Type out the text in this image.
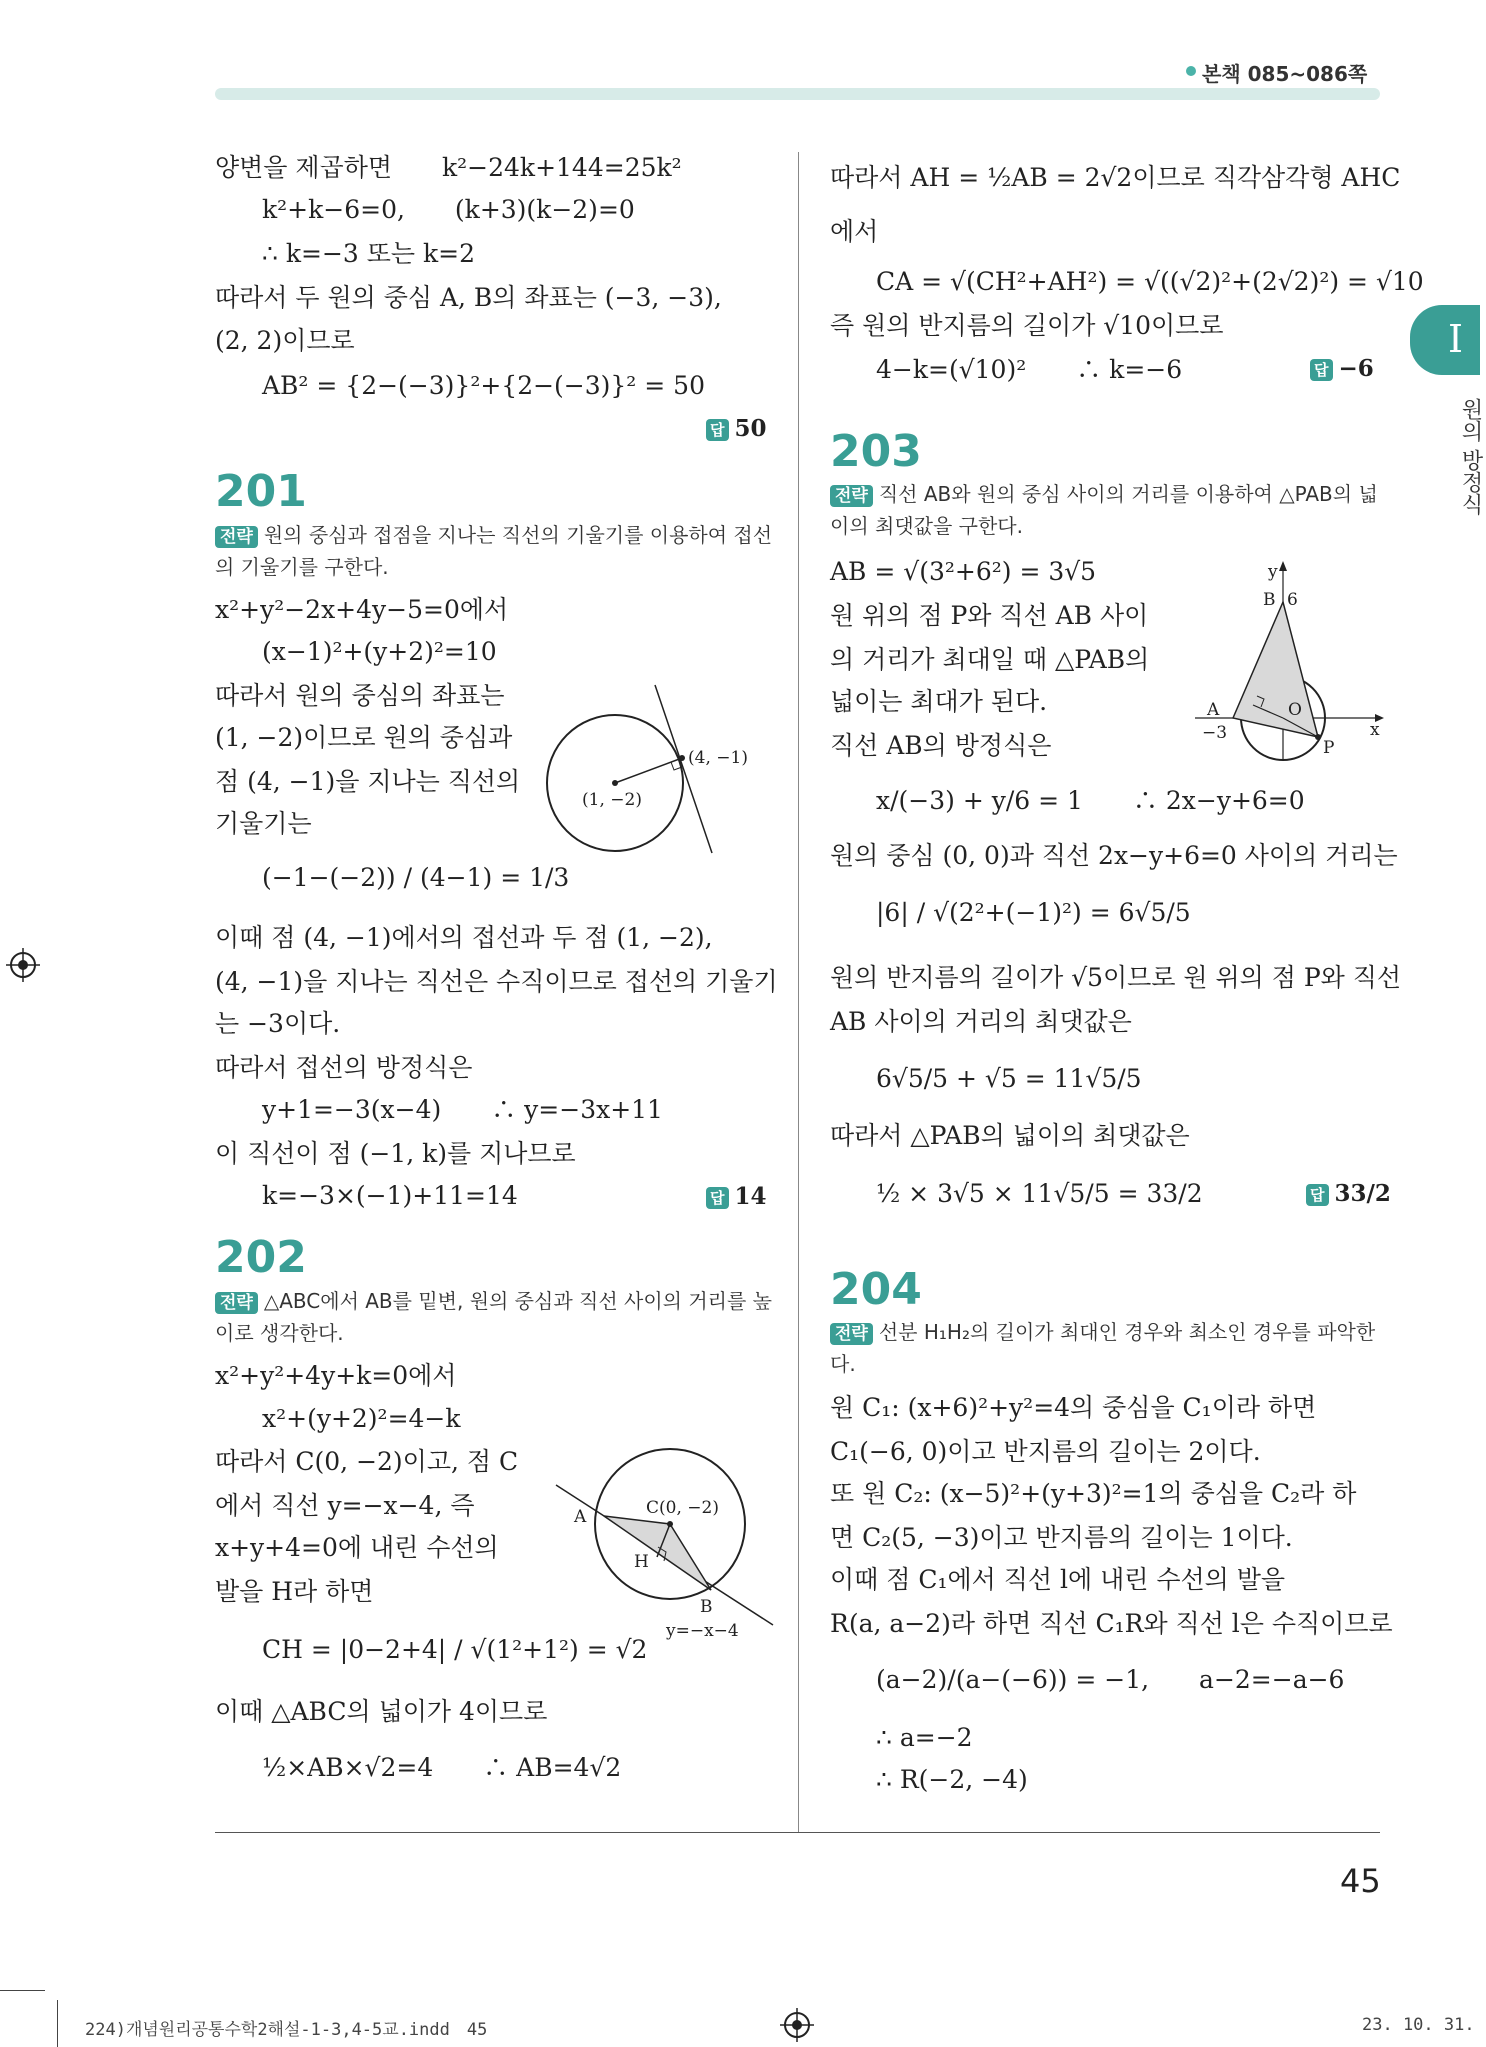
본책 085~086쪽
I
원의 방정식
양변을 제곱하면　　k²−24k+144=25k²
k²+k−6=0,　　(k+3)(k−2)=0
∴ k=−3 또는 k=2
따라서 두 원의 중심 A, B의 좌표는 (−3, −3),
(2, 2)이므로
AB² = {2−(−3)}²+{2−(−3)}² = 50
답 50
201
전략 원의 중심과 접점을 지나는 직선의 기울기를 이용하여 접선의 기울기를 구한다.
x²+y²−2x+4y−5=0에서
(x−1)²+(y+2)²=10
따라서 원의 중심의 좌표는
(1, −2)이므로 원의 중심과
점 (4, −1)을 지나는 직선의
기울기는
(−1−(−2)) / (4−1) = 1/3
이때 점 (4, −1)에서의 접선과 두 점 (1, −2),
(4, −1)을 지나는 직선은 수직이므로 접선의 기울기
는 −3이다.
따라서 접선의 방정식은
y+1=−3(x−4)　　∴ y=−3x+11
이 직선이 점 (−1, k)를 지나므로
k=−3×(−1)+11=14	답 14
(1, −2)
(4, −1)
202
전략 △ABC에서 AB를 밑변, 원의 중심과 직선 사이의 거리를 높이로 생각한다.
x²+y²+4y+k=0에서
x²+(y+2)²=4−k
따라서 C(0, −2)이고, 점 C
에서 직선 y=−x−4, 즉
x+y+4=0에 내린 수선의
발을 H라 하면
CH = |0−2+4| / √(1²+1²) = √2
이때 △ABC의 넓이가 4이므로
½×AB×√2=4　　∴ AB=4√2
A
B
C(0, −2)
H
y=−x−4
따라서 AH = ½AB = 2√2이므로 직각삼각형 AHC
에서
CA = √(CH²+AH²) = √((√2)²+(2√2)²) = √10
즉 원의 반지름의 길이가 √10이므로
4−k=(√10)²　　∴ k=−6	답 −6
203
전략 직선 AB와 원의 중심 사이의 거리를 이용하여 △PAB의 넓이의 최댓값을 구한다.
AB = √(3²+6²) = 3√5
원 위의 점 P와 직선 AB 사이
의 거리가 최대일 때 △PAB의
넓이는 최대가 된다.
직선 AB의 방정식은
x/(−3) + y/6 = 1　　∴ 2x−y+6=0
원의 중심 (0, 0)과 직선 2x−y+6=0 사이의 거리는
|6| / √(2²+(−1)²) = 6√5/5
원의 반지름의 길이가 √5이므로 원 위의 점 P와 직선
AB 사이의 거리의 최댓값은
6√5/5 + √5 = 11√5/5
따라서 △PAB의 넓이의 최댓값은
½ × 3√5 × 11√5/5 = 33/2	답 33/2
y
B 6
A	O
x
−3
P
204
전략 선분 H₁H₂의 길이가 최대인 경우와 최소인 경우를 파악한다.
원 C₁: (x+6)²+y²=4의 중심을 C₁이라 하면
C₁(−6, 0)이고 반지름의 길이는 2이다.
또 원 C₂: (x−5)²+(y+3)²=1의 중심을 C₂라 하
면 C₂(5, −3)이고 반지름의 길이는 1이다.
이때 점 C₁에서 직선 l에 내린 수선의 발을
R(a, a−2)라 하면 직선 C₁R와 직선 l은 수직이므로
(a−2)/(a−(−6)) = −1,　　a−2=−a−6
∴ a=−2
∴ R(−2, −4)
45
224)개념원리공통수학2해설-1-3,4-5교.indd　45	23. 10. 31.
